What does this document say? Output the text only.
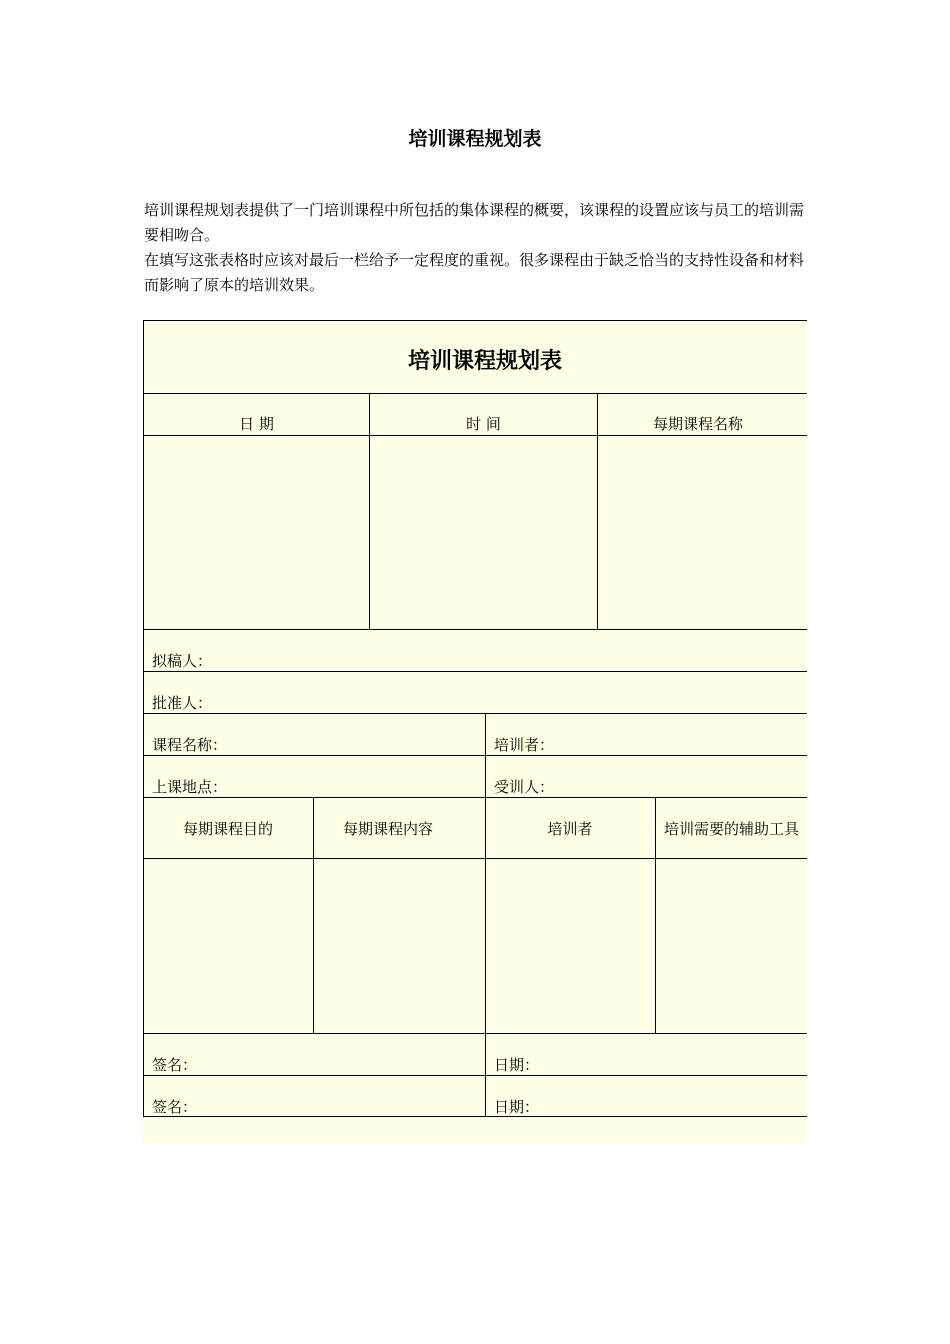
培训课程规划表

培训课程规划表提供了一门培训课程中所包括的集体课程的概要，该课程的设置应该与员工的培训需要相吻合。

在填写这张表格时应该对最后一栏给予一定程度的重视。很多课程由于缺乏恰当的支持性设备和材料而影响了原本的培训效果。

培训课程规划表
日 期	时 间	每期课程名称
拟稿人：
批准人：
课程名称：	培训者：
上课地点：	受训人：
每期课程目的	每期课程内容	培训者	培训需要的辅助工具
签名：	日期：
签名：	日期：
